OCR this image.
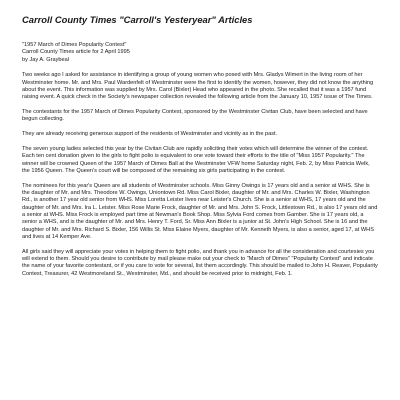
Carroll County Times "Carroll's Yesteryear" Articles
"1957 March of Dimes Popularity Contest"
Carroll County Times article for 2 April 1995
by Jay A. Graybeal

Two weeks ago I asked for assistance in identifying a group of young women who posed with Mrs. Gladys Wimert in the living room of her Westminster home. Mr. and Mrs. Paul Wardenfelt of Westminster were the first to identify the women, however, they did not know the anything about the event. This information was supplied by Mrs. Carol (Bixler) Head who appeared in the photo. She recalled that it was a 1957 fund raising event. A quick check in the Society's newspaper collection revealed the following article from the January 10, 1957 issue of The Times.

The contestants for the 1957 March of Dimes Popularity Contest, sponsored by the Westminster Civitan Club, have been selected and have begun collecting.

They are already receiving generous support of the residents of Westminster and vicinity as in the past.

The seven young ladies selected this year by the Civitan Club are rapidly soliciting their votes which will determine the winner of the contest. Each ten cent donation given to the girls to fight polio is equivalent to one vote toward their efforts to the title of "Miss 1957 Popularity." The winner will be crowned Queen of the 1957 March of Dimes Ball at the Westminster VFW home Saturday night, Feb. 2, by Miss Patricia Welk, the 1956 Queen. The Queen's court will be composed of the remaining six girls participating in the contest.

The nominees for this year's Queen are all students of Westminster schools. Miss Ginny Owings is 17 years old and a senior at WHS. She is the daughter of Mr. and Mrs. Theodore W. Owings, Uniontown Rd. Miss Carol Bixler, daughter of Mr. and Mrs. Charles W. Bixler, Washington Rd., is another 17 year old senior from WHS. Miss Loretta Leister lives near Leister's Church. She is a senior at WHS, 17 years old and the daughter of Mr. and Mrs. Ira L. Leister. Miss Rose Marie Frock, daughter of Mr. and Mrs. John S. Frock, Littlestown Rd., is also 17 years old and a senior at WHS. Miss Frock is employed part time at Newman's Book Shop. Miss Sylvia Ford comes from Gamber. She is 17 years old, a senior a WHS, and is the daughter of Mr. and Mrs. Henry T. Ford, Sr. Miss Ann Bixler is a junior at St. John's High School. She is 16 and the daughter of Mr. and Mrs. Richard S. Bixler, 156 Willis St. Miss Elaine Myers, daughter of Mr. Kenneth Myers, is also a senior, aged 17, at WHS and lives at 14 Kemper Ave.

All girls said they will appreciate your votes in helping them to fight polio, and thank you in advance for all the consideration and courtesies you will extend to them. Should you desire to contribute by mail please make out your check to "March of Dimes" "Popularity Contest" and indicate the name of your favorite contestant, or if you care to vote for several, list them accordingly. This should be mailed to John H. Reaver, Popularity Contest, Treasurer, 42 Westmoreland St., Westminster, Md., and should be received prior to midnight, Feb. 1.
